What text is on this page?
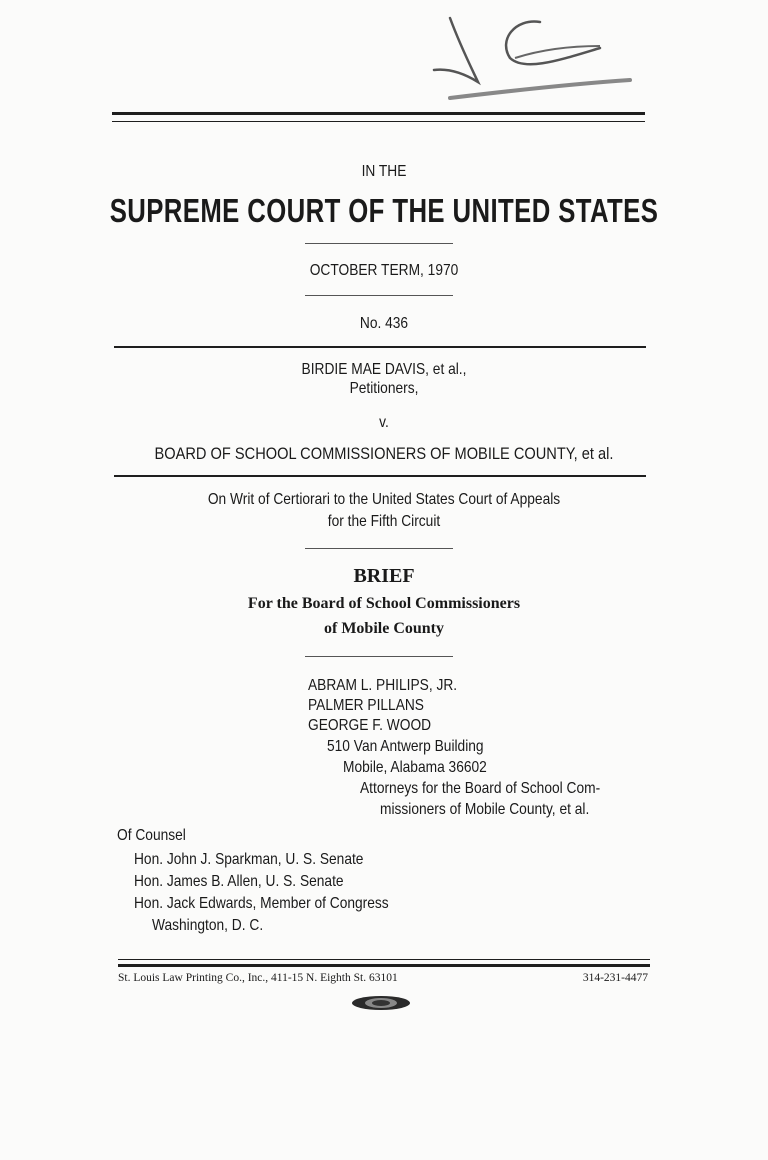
IN THE
SUPREME COURT OF THE UNITED STATES
OCTOBER TERM, 1970
No. 436
BIRDIE MAE DAVIS, et al.,
Petitioners,
v.
BOARD OF SCHOOL COMMISSIONERS OF MOBILE COUNTY, et al.
On Writ of Certiorari to the United States Court of Appeals
for the Fifth Circuit
BRIEF
For the Board of School Commissioners
of Mobile County
ABRAM L. PHILIPS, JR.
PALMER PILLANS
GEORGE F. WOOD
510 Van Antwerp Building
Mobile, Alabama 36602
Attorneys for the Board of School Com-
missioners of Mobile County, et al.
Of Counsel
Hon. John J. Sparkman, U. S. Senate
Hon. James B. Allen, U. S. Senate
Hon. Jack Edwards, Member of Congress
Washington, D. C.
St. Louis Law Printing Co., Inc., 411-15 N. Eighth St. 63101	314-231-4477
